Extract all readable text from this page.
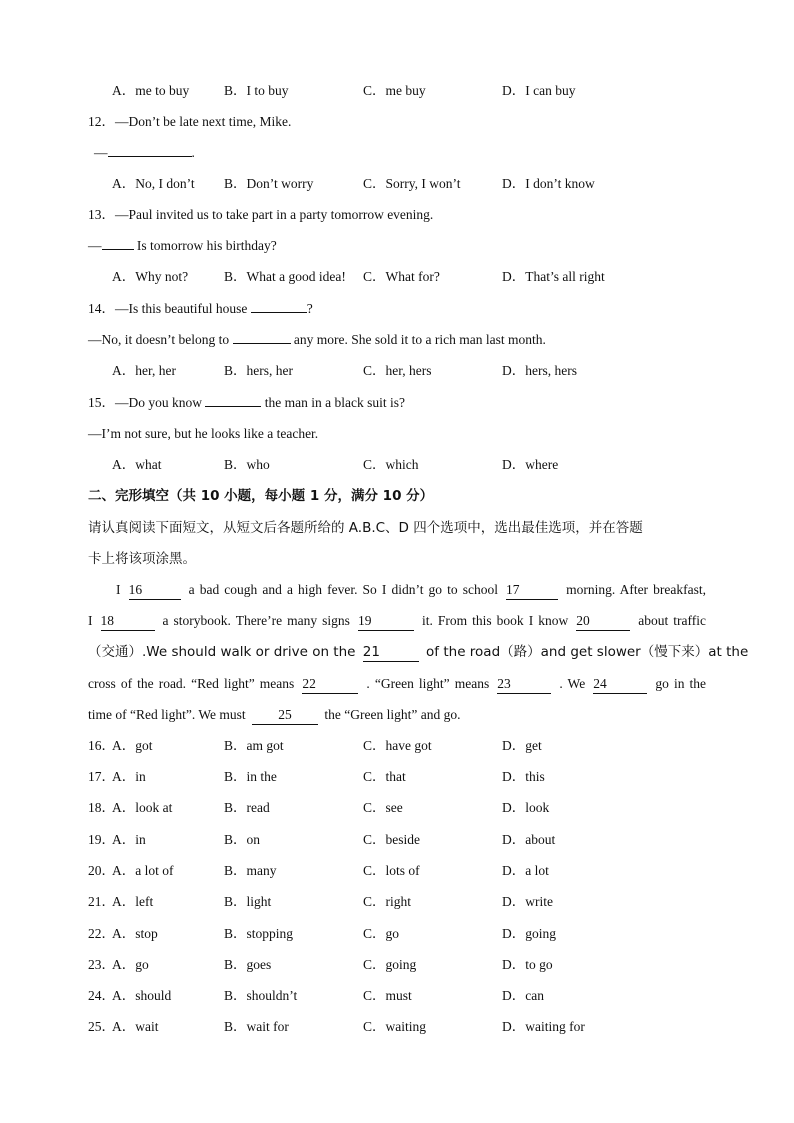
A．me to buy	B．I to buy	C．me buy	D．I can buy
12．—Don’t be late next time, Mike.
—	.
A．No, I don’t B．Don’t worry	C．Sorry, I won’t	D．I don’t know
13．—Paul invited us to take part in a party tomorrow evening.
— Is tomorrow his birthday?
A．Why not?	B．What a good idea! C．What for?	D．That’s all right
14．—Is this beautiful house	?
—No, it doesn’t belong to	any more. She sold it to a rich man last month.
A．her, her	B．hers, her	C．her, hers	D．hers, hers
15．—Do you know	the man in a black suit is?
—I’m not sure, but he looks like a teacher.
A．what	B．who	C．which	D．where
二、完形填空（共 10 小题，每小题 1 分，满分 10 分）
请认真阅读下面短文，从短文后各题所给的 A.B.C、D 四个选项中，选出最佳选项，并在答题
卡上将该项涂黑。
I 16	a bad cough and a high fever. So I didn’t go to school 17	morning. After breakfast,
I 18	a storybook. There’re many signs 19	it. From this book I know 20	about traffic
（交通）.We should walk or drive on the 21	of the road（路）and get slower（慢下来）at the
cross of the road. “Red light” means 22	. “Green light” means 23	. We 24	go in the
time of “Red light”. We must 25 the “Green light” and go.
16．
A．got	B．am got	C．have got	D．get
17．
A．in	B．in the	C．that	D．this
18．
A．look at	B．read	C．see	D．look
19．
A．in	B．on	C．beside	D．about
20．
A．a lot of	B．many	C．lots of	D．a lot
21．
A．left	B．light	C．right	D．write
22．
A．stop	B．stopping	C．go	D．going
23．
A．go	B．goes	C．going	D．to go
24．
A．should	B．shouldn’t	C．must	D．can
25．
A．wait	B．wait for	C．waiting	D．waiting for
